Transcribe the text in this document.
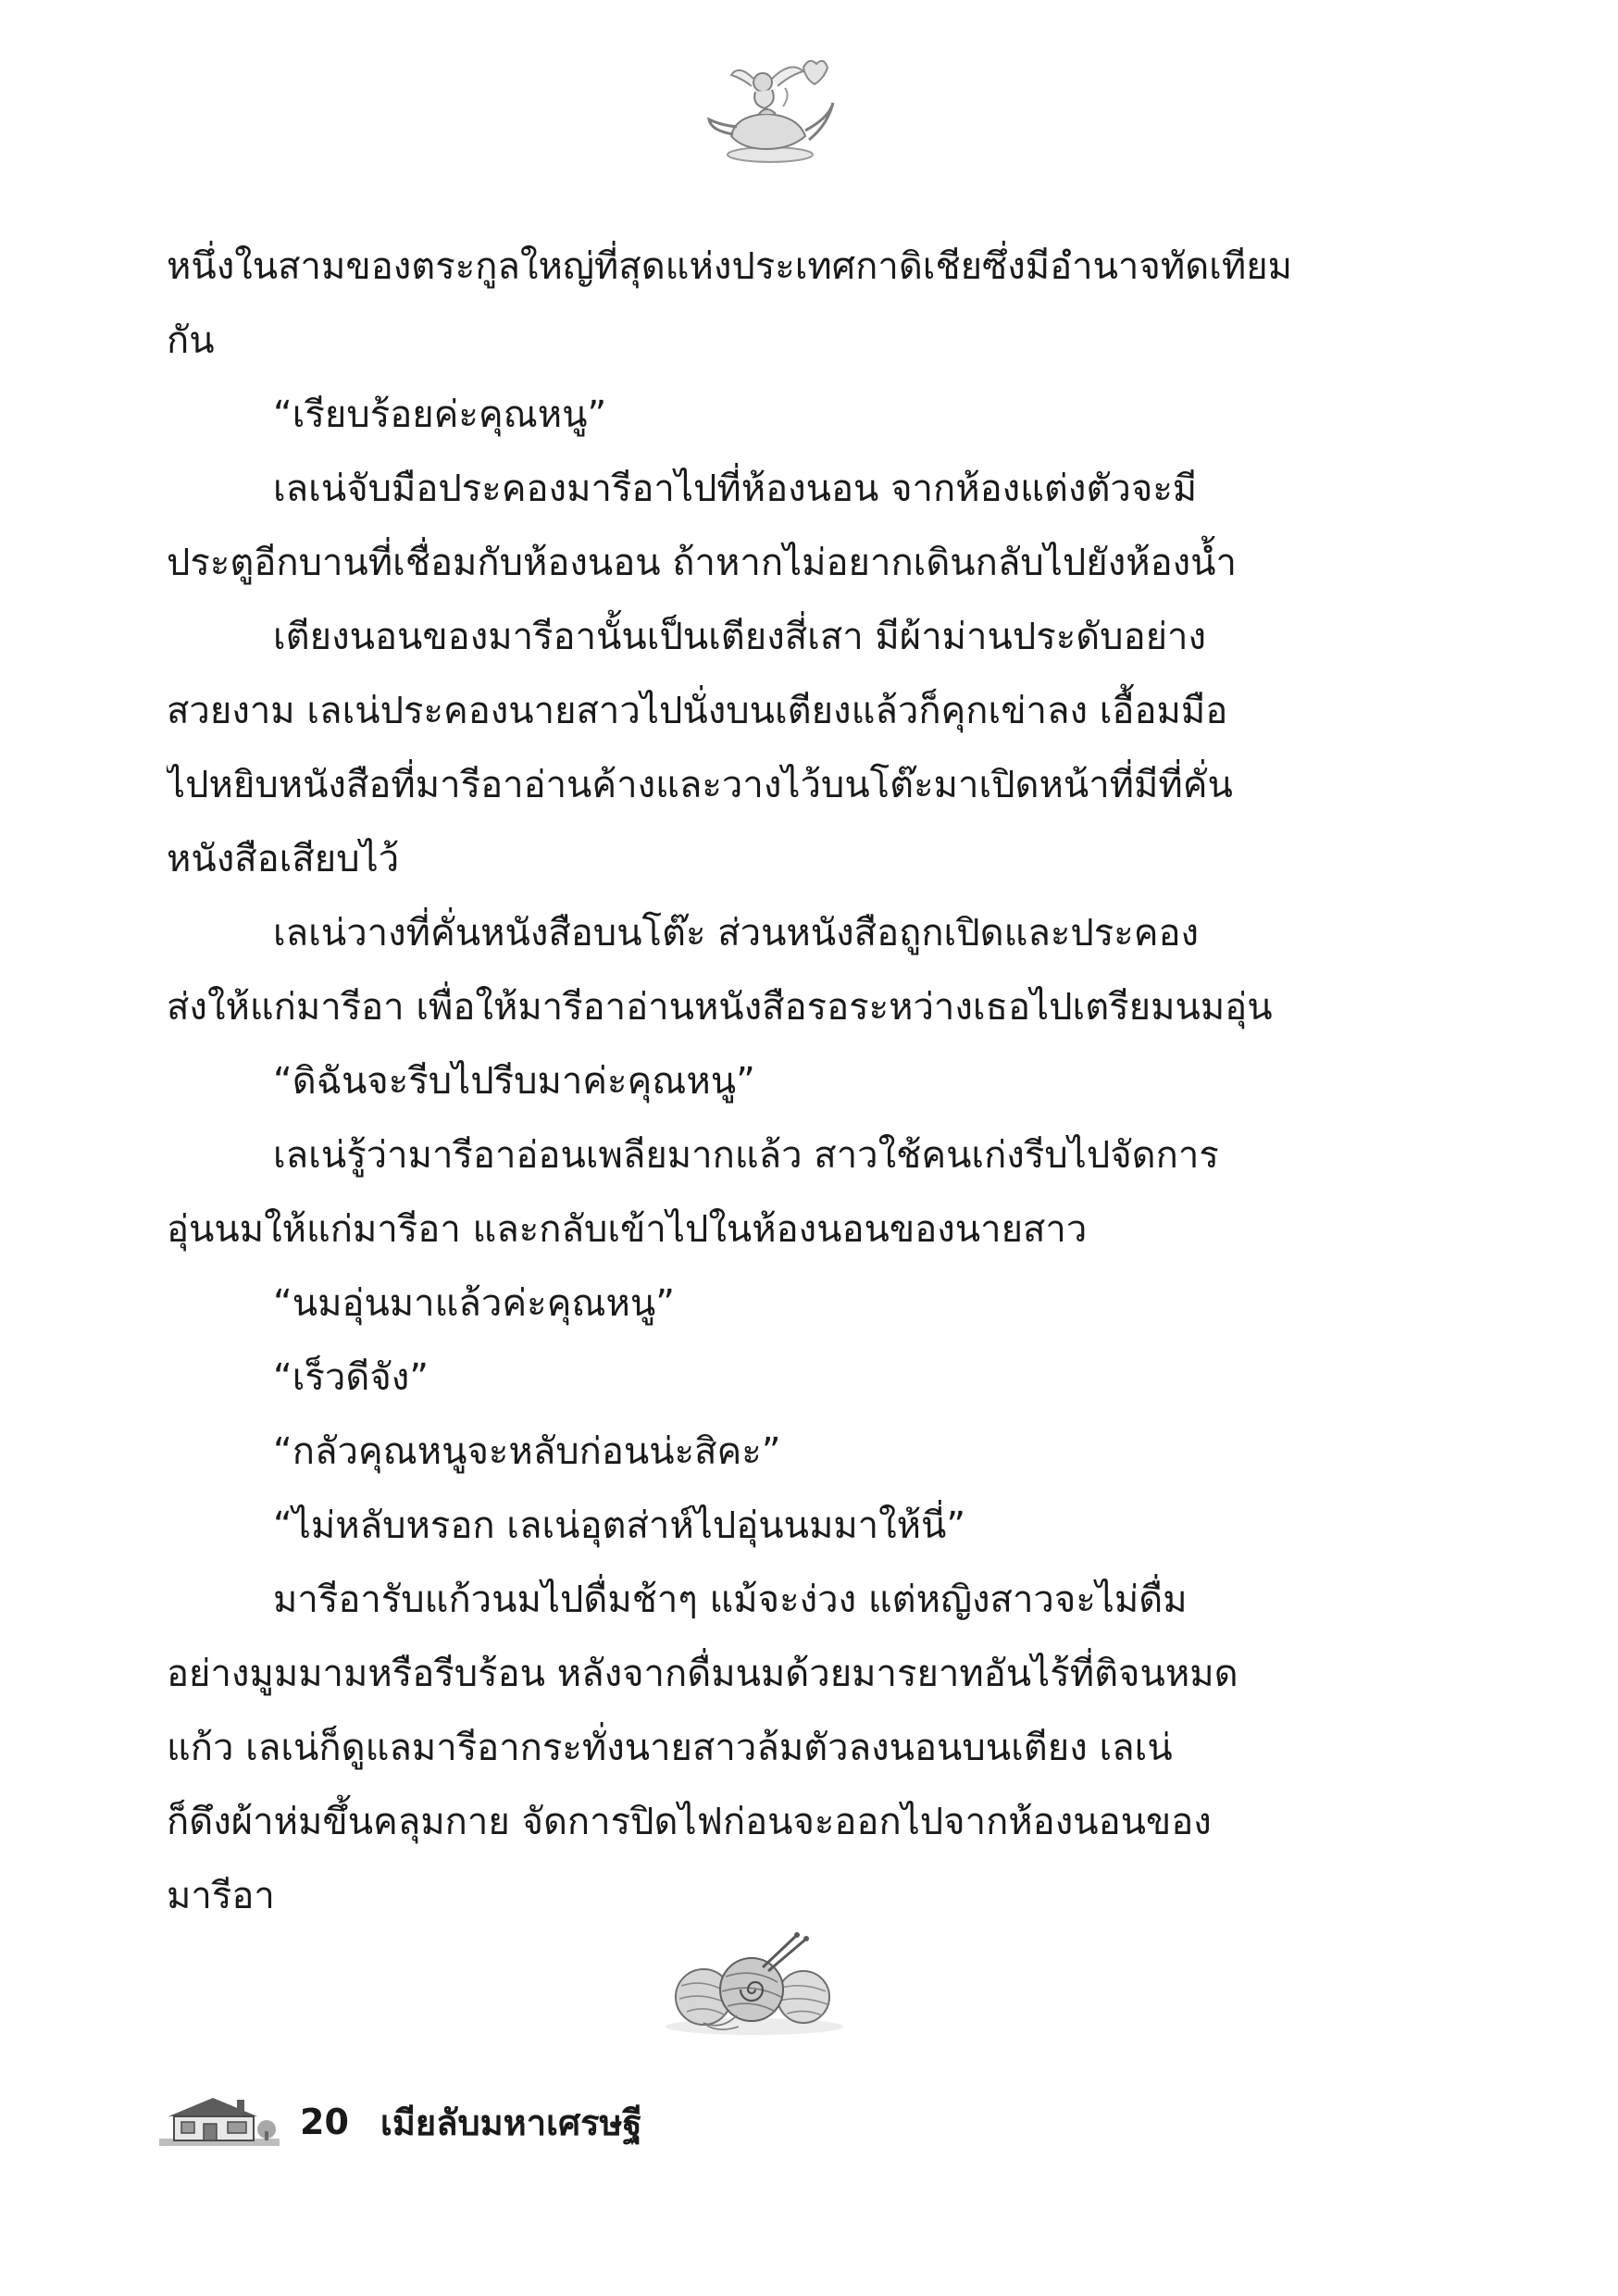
หนึ่งในสามของตระกูลใหญ่ที่สุดแห่งประเทศกาดิเชียซึ่งมีอำนาจทัดเทียม
กัน
“เรียบร้อยค่ะคุณหนู”
เลเน่จับมือประคองมารีอาไปที่ห้องนอน จากห้องแต่งตัวจะมี
ประตูอีกบานที่เชื่อมกับห้องนอน ถ้าหากไม่อยากเดินกลับไปยังห้องน้ำ
เตียงนอนของมารีอานั้นเป็นเตียงสี่เสา มีผ้าม่านประดับอย่าง
สวยงาม เลเน่ประคองนายสาวไปนั่งบนเตียงแล้วก็คุกเข่าลง เอื้อมมือ
ไปหยิบหนังสือที่มารีอาอ่านค้างและวางไว้บนโต๊ะมาเปิดหน้าที่มีที่คั่น
หนังสือเสียบไว้
เลเน่วางที่คั่นหนังสือบนโต๊ะ ส่วนหนังสือถูกเปิดและประคอง
ส่งให้แก่มารีอา เพื่อให้มารีอาอ่านหนังสือรอระหว่างเธอไปเตรียมนมอุ่น
“ดิฉันจะรีบไปรีบมาค่ะคุณหนู”
เลเน่รู้ว่ามารีอาอ่อนเพลียมากแล้ว สาวใช้คนเก่งรีบไปจัดการ
อุ่นนมให้แก่มารีอา และกลับเข้าไปในห้องนอนของนายสาว
“นมอุ่นมาแล้วค่ะคุณหนู”
“เร็วดีจัง”
“กลัวคุณหนูจะหลับก่อนน่ะสิคะ”
“ไม่หลับหรอก เลเน่อุตส่าห์ไปอุ่นนมมาให้นี่”
มารีอารับแก้วนมไปดื่มช้าๆ แม้จะง่วง แต่หญิงสาวจะไม่ดื่ม
อย่างมูมมามหรือรีบร้อน หลังจากดื่มนมด้วยมารยาทอันไร้ที่ติจนหมด
แก้ว เลเน่ก็ดูแลมารีอากระทั่งนายสาวล้มตัวลงนอนบนเตียง เลเน่
ก็ดึงผ้าห่มขึ้นคลุมกาย จัดการปิดไฟก่อนจะออกไปจากห้องนอนของ
มารีอา
20 เมียลับมหาเศรษฐี
